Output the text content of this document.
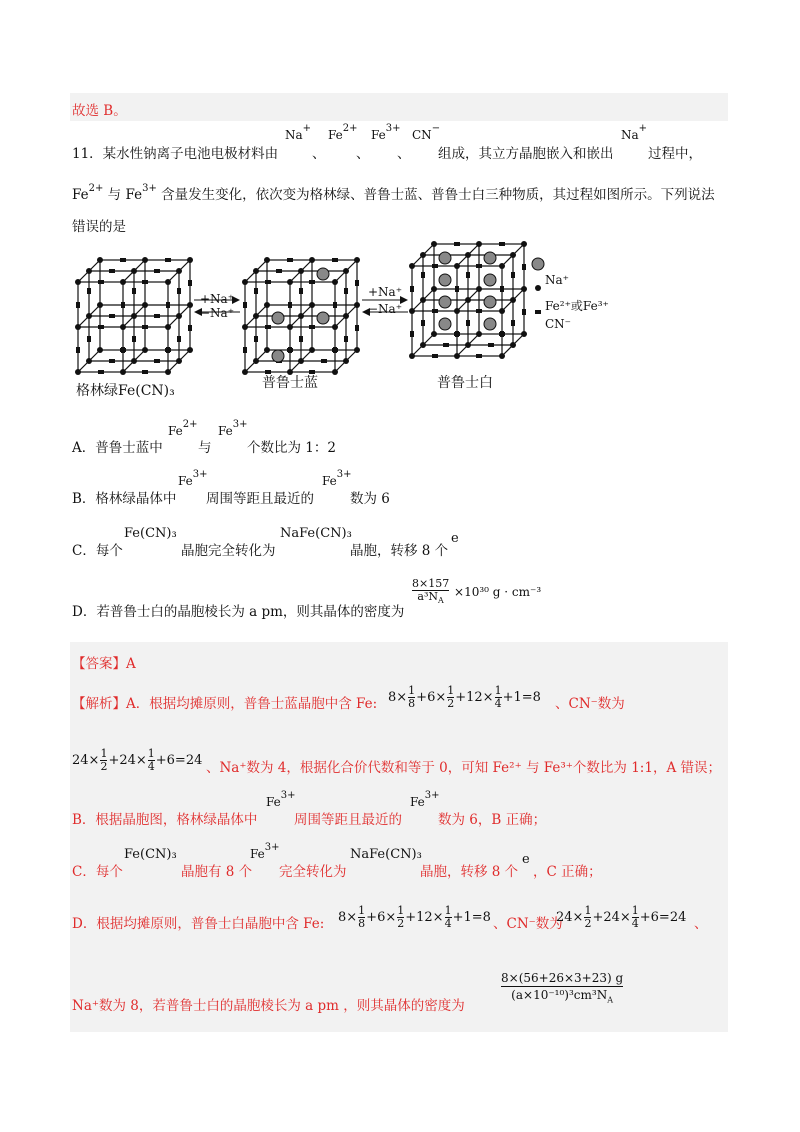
故选 B。
11．某水性钠离子电池电极材料由
Na+
、
$Fe^{2+}$
、
$Fe^{3+}$
、
CN−
组成，其立方晶胞嵌入和嵌出
Na+
过程中，
$Fe^{2+}$ 与 $Fe^{3+}$ 含量发生变化，依次变为格林绿、普鲁士蓝、普鲁士白三种物质，其过程如图所示。下列说法
错误的是
+Na⁺
−Na⁺
+Na⁺
−Na⁺
Na⁺
Fe²⁺或Fe³⁺
CN⁻
格林绿Fe(CN)₃	普鲁士蓝	普鲁士白
A．普鲁士蓝中
$Fe^{2+}$
与
$Fe^{3+}$
个数比为 1：2
B．格林绿晶体中
$Fe^{3+}$
周围等距且最近的
$Fe^{3+}$
数为 6
C．每个
Fe(CN)₃
晶胞完全转化为
NaFe(CN)₃
晶胞，转移 8 个
e
D．若普鲁士白的晶胞棱长为 a pm，则其晶体的密度为
$\frac{8\times 157}{a^3N_A} \times 10^{30}$ g · cm⁻³
【答案】A
【解析】A．根据均摊原则，普鲁士蓝晶胞中含 Fe: $8\times \frac{1}{8} +6\times \frac{1}{2} +12\times \frac{1}{4} +1=8$ 、CN⁻数为
$24\times \frac{1}{2} +24\times \frac{1}{4} +6=24$ 、Na⁺数为 4，根据化合价代数和等于 0，可知 Fe²⁺ 与 Fe³⁺个数比为 1:1，A 错误；
B．根据晶胞图，格林绿晶体中
$Fe^{3+}$
周围等距且最近的
$Fe^{3+}$
数为 6，B 正确；
C．每个
Fe(CN)₃
晶胞有 8 个
$Fe^{3+}$
完全转化为
NaFe(CN)₃
晶胞，转移 8 个
e
，C 正确；
D．根据均摊原则，普鲁士白晶胞中含 Fe: $8\times \frac{1}{8} +6\times \frac{1}{2} +12\times \frac{1}{4} +1=8$ 、CN⁻数为
$24\times \frac{1}{2} +24\times \frac{1}{4} +6=24$ 、
Na⁺数为 8，若普鲁士白的晶胞棱长为 a pm ，则其晶体的密度为	$\frac{8\times(56+26\times 3+23) g}{(a\times 10^{-10})^3cm^3N_A}$
